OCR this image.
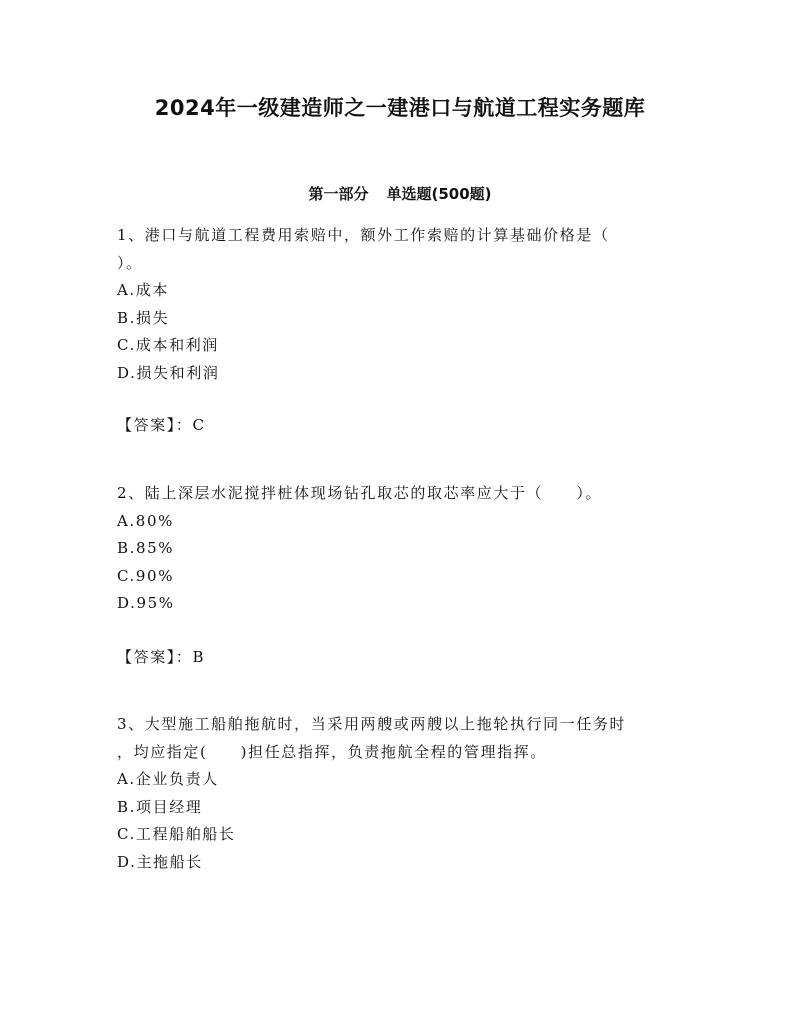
2024年一级建造师之一建港口与航道工程实务题库
第一部分 单选题(500题)
1、港口与航道工程费用索赔中，额外工作索赔的计算基础价格是（
）。
A.成本
B.损失
C.成本和利润
D.损失和利润
【答案】：C
2、陆上深层水泥搅拌桩体现场钻孔取芯的取芯率应大于（　　）。
A.80%
B.85%
C.90%
D.95%
【答案】：B
3、大型施工船舶拖航时，当采用两艘或两艘以上拖轮执行同一任务时
，均应指定(　　)担任总指挥，负责拖航全程的管理指挥。
A.企业负责人
B.项目经理
C.工程船舶船长
D.主拖船长
